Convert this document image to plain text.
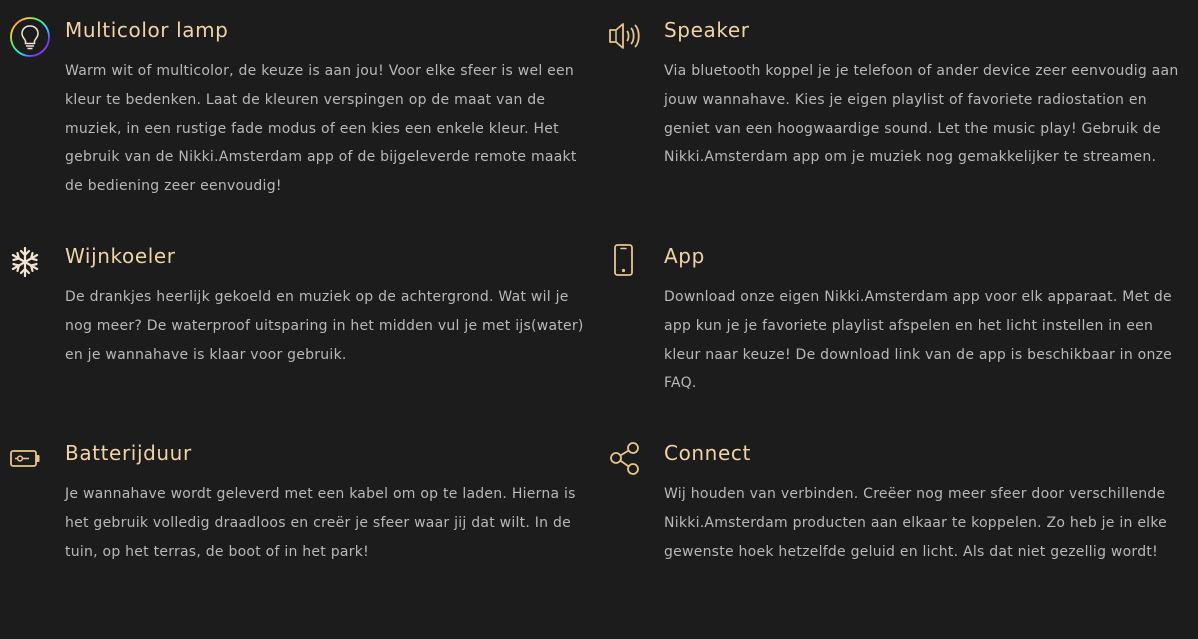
Multicolor lamp

Warm wit of multicolor, de keuze is aan jou! Voor elke sfeer is wel een kleur te bedenken. Laat de kleuren verspingen op de maat van de muziek, in een rustige fade modus of een kies een enkele kleur. Het gebruik van de Nikki.Amsterdam app of de bijgeleverde remote maakt de bediening zeer eenvoudig!

Speaker

Via bluetooth koppel je je telefoon of ander device zeer eenvoudig aan jouw wannahave. Kies je eigen playlist of favoriete radiostation en geniet van een hoogwaardige sound. Let the music play! Gebruik de Nikki.Amsterdam app om je muziek nog gemakkelijker te streamen.

Wijnkoeler

De drankjes heerlijk gekoeld en muziek op de achtergrond. Wat wil je nog meer? De waterproof uitsparing in het midden vul je met ijs(water) en je wannahave is klaar voor gebruik.

App

Download onze eigen Nikki.Amsterdam app voor elk apparaat. Met de app kun je je favoriete playlist afspelen en het licht instellen in een kleur naar keuze! De download link van de app is beschikbaar in onze FAQ.

Batterijduur

Je wannahave wordt geleverd met een kabel om op te laden. Hierna is het gebruik volledig draadloos en creër je sfeer waar jij dat wilt. In de tuin, op het terras, de boot of in het park!

Connect

Wij houden van verbinden. Creëer nog meer sfeer door verschillende Nikki.Amsterdam producten aan elkaar te koppelen. Zo heb je in elke gewenste hoek hetzelfde geluid en licht. Als dat niet gezellig wordt!
